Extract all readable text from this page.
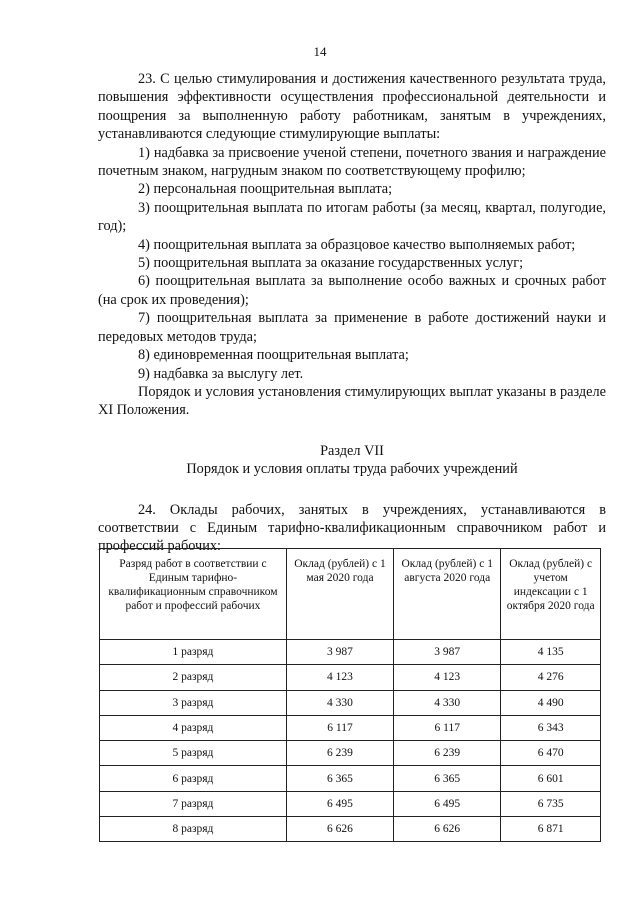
14

23. С целью стимулирования и достижения качественного результата труда, повышения эффективности осуществления профессиональной деятельности и поощрения за выполненную работу работникам, занятым в учреждениях, устанавливаются следующие стимулирующие выплаты:

1) надбавка за присвоение ученой степени, почетного звания и награждение почетным знаком, нагрудным знаком по соответствующему профилю;

2) персональная поощрительная выплата;

3) поощрительная выплата по итогам работы (за месяц, квартал, полугодие, год);

4) поощрительная выплата за образцовое качество выполняемых работ;

5) поощрительная выплата за оказание государственных услуг;

6) поощрительная выплата за выполнение особо важных и срочных работ (на срок их проведения);

7) поощрительная выплата за применение в работе достижений науки и передовых методов труда;

8) единовременная поощрительная выплата;

9) надбавка за выслугу лет.

Порядок и условия установления стимулирующих выплат указаны в разделе XI Положения.

Раздел VII

Порядок и условия оплаты труда рабочих учреждений

24. Оклады рабочих, занятых в учреждениях, устанавливаются в соответствии с Единым тарифно-квалификационным справочником работ и профессий рабочих:

Разряд работ в соответствии с Единым тарифно-квалификационным справочником работ и профессий рабочих	Оклад (рублей) с 1 мая 2020 года	Оклад (рублей) с 1 августа 2020 года	Оклад (рублей) с учетом индексации с 1 октября 2020 года
1 разряд	3 987	3 987	4 135
2 разряд	4 123	4 123	4 276
3 разряд	4 330	4 330	4 490
4 разряд	6 117	6 117	6 343
5 разряд	6 239	6 239	6 470
6 разряд	6 365	6 365	6 601
7 разряд	6 495	6 495	6 735
8 разряд	6 626	6 626	6 871
